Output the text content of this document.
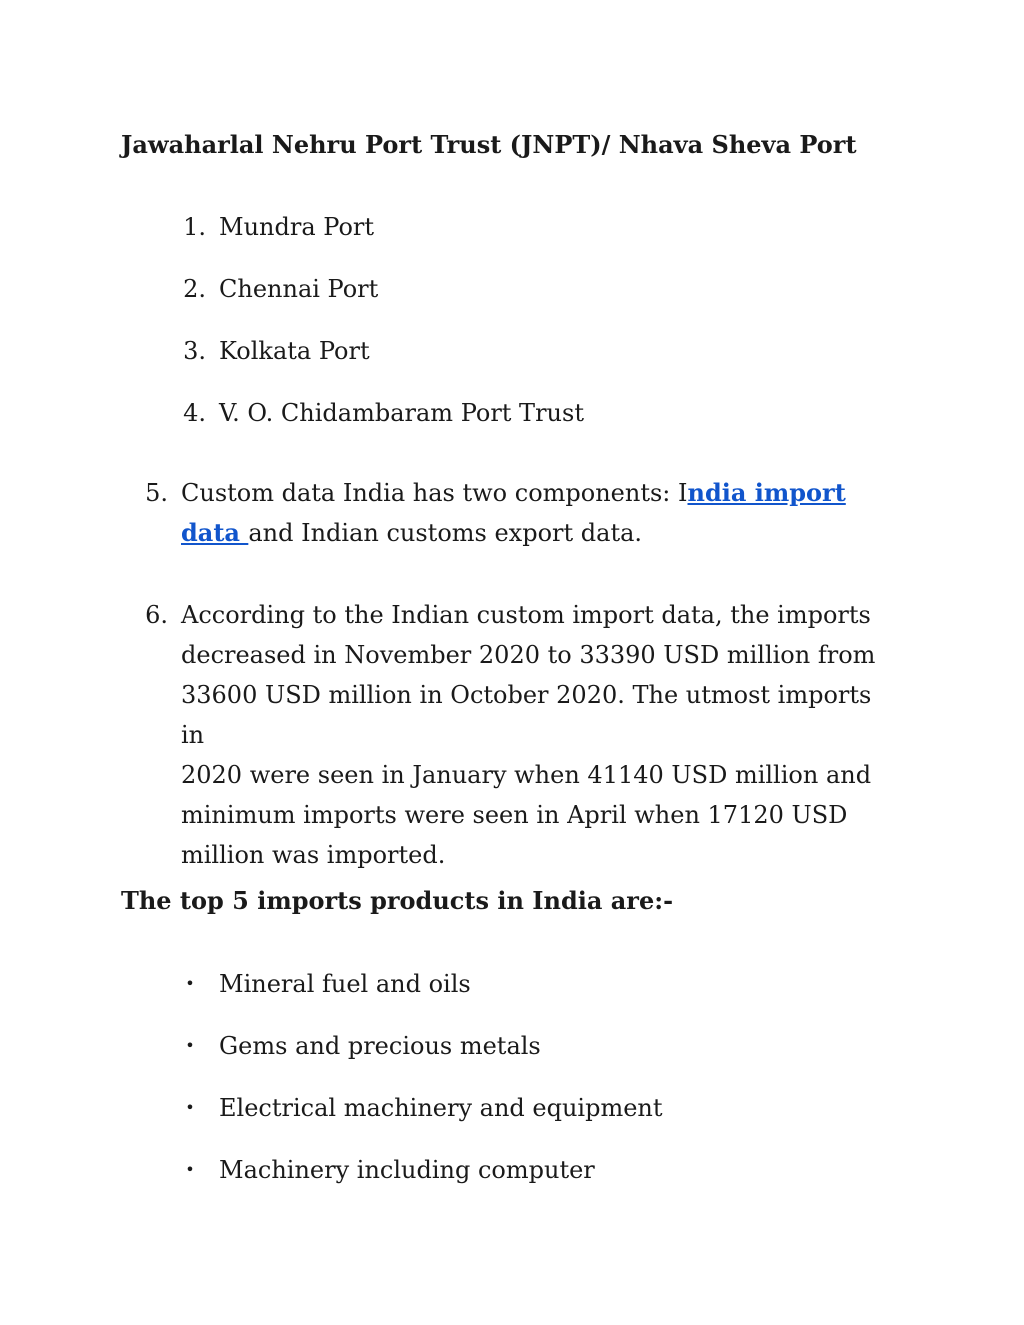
Jawaharlal Nehru Port Trust (JNPT)/ Nhava Sheva Port
1. Mundra Port
2. Chennai Port
3. Kolkata Port
4. V. O. Chidambaram Port Trust
5. Custom data India has two components: India import
data and Indian customs export data.
6. According to the Indian custom import data, the imports
decreased in November 2020 to 33390 USD million from
33600 USD million in October 2020. The utmost imports in
2020 were seen in January when 41140 USD million and
minimum imports were seen in April when 17120 USD
million was imported.
The top 5 imports products in India are:-
• Mineral fuel and oils
• Gems and precious metals
• Electrical machinery and equipment
• Machinery including computer
